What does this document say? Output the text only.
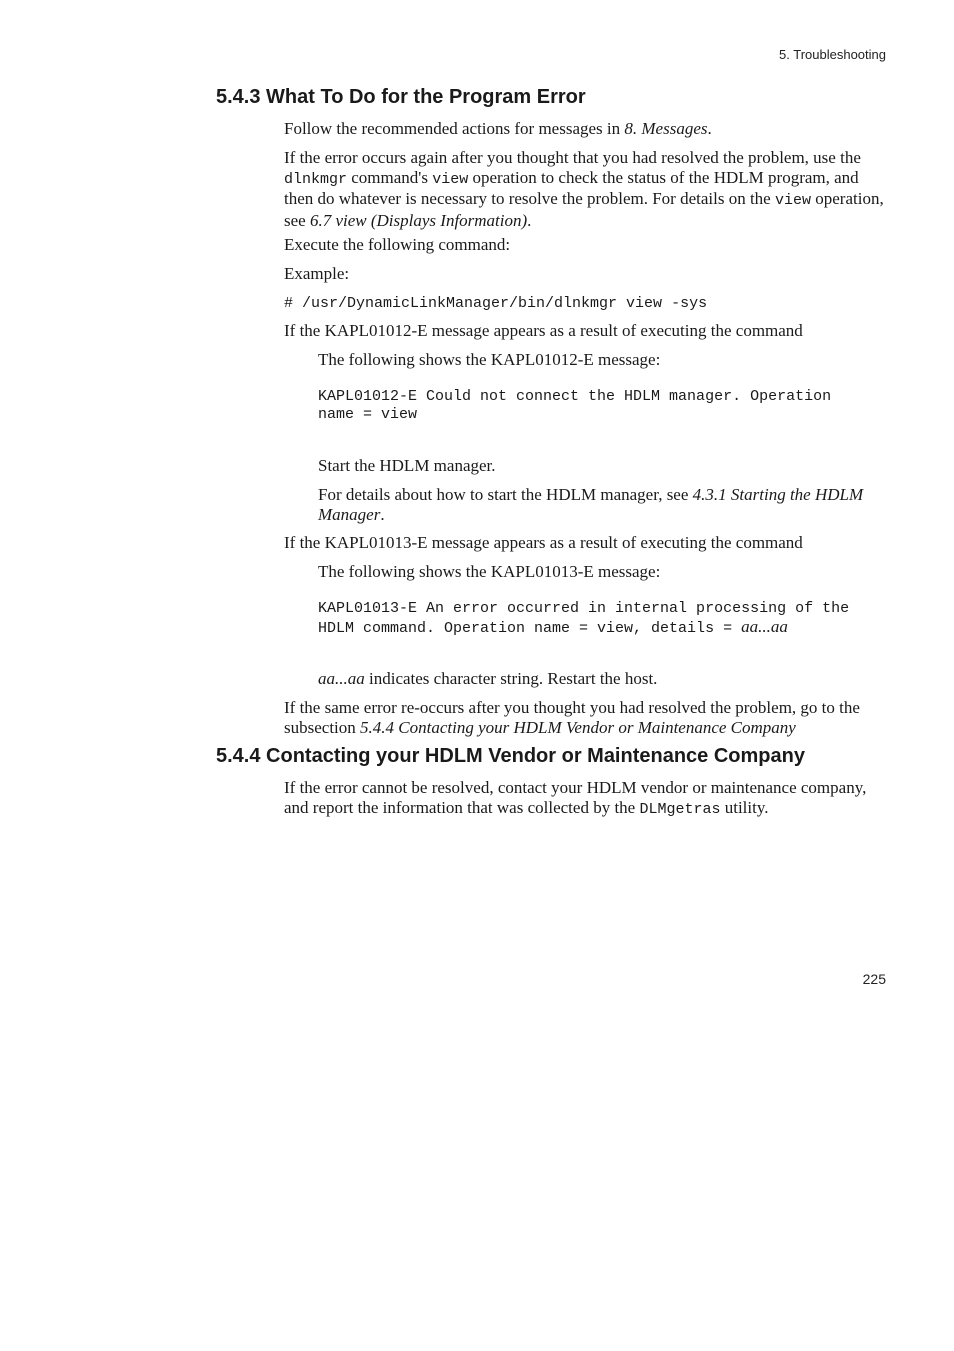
5. Troubleshooting
5.4.3 What To Do for the Program Error

Follow the recommended actions for messages in 8. Messages.

If the error occurs again after you thought that you had resolved the problem, use the dlnkmgr command's view operation to check the status of the HDLM program, and then do whatever is necessary to resolve the problem. For details on the view operation, see 6.7 view (Displays Information).

Execute the following command:

Example:

# /usr/DynamicLinkManager/bin/dlnkmgr view -sys

If the KAPL01012-E message appears as a result of executing the command

The following shows the KAPL01012-E message:

KAPL01012-E Could not connect the HDLM manager. Operation
name = view

Start the HDLM manager.

For details about how to start the HDLM manager, see 4.3.1 Starting the HDLM Manager.

If the KAPL01013-E message appears as a result of executing the command

The following shows the KAPL01013-E message:

KAPL01013-E An error occurred in internal processing of the
HDLM command. Operation name = view, details = aa...aa

aa...aa indicates character string. Restart the host.

If the same error re-occurs after you thought you had resolved the problem, go to the subsection 5.4.4 Contacting your HDLM Vendor or Maintenance Company

5.4.4 Contacting your HDLM Vendor or Maintenance Company

If the error cannot be resolved, contact your HDLM vendor or maintenance company, and report the information that was collected by the DLMgetras utility.

225
